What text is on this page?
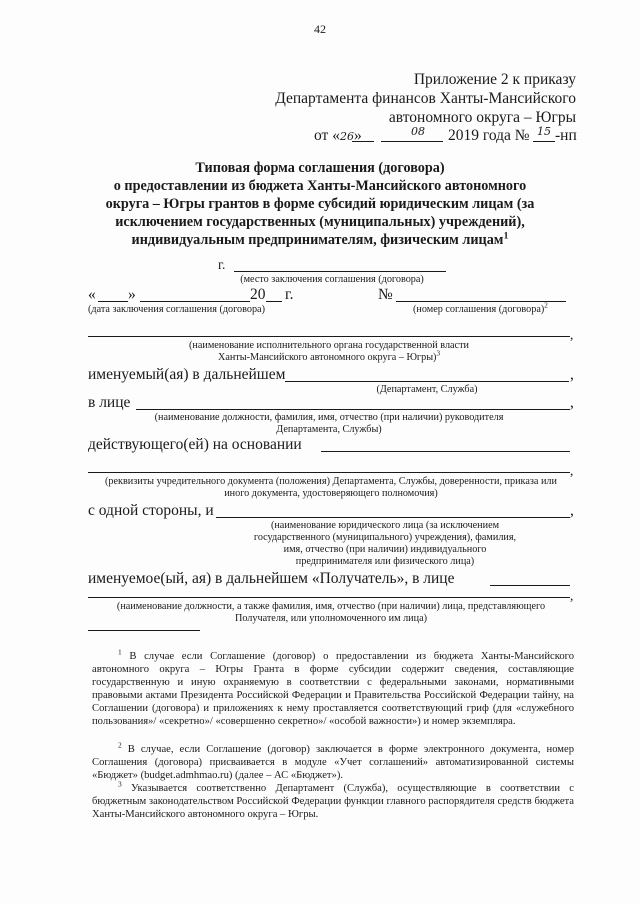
42
Приложение 2 к приказу
Департамента финансов Ханты-Мансийского
автономного округа – Югры
от «26»	08 2019 года № 15 -нп
Типовая форма соглашения (договора)
о предоставлении из бюджета Ханты-Мансийского автономного
округа – Югры грантов в форме субсидий юридическим лицам (за
исключением государственных (муниципальных) учреждений),
индивидуальным предпринимателям, физическим лицам$^1$
г.
(место заключения соглашения (договора)
« »	20 г.	№
(дата заключения соглашения (договора)	(номер соглашения (договора)$^2$
,
(наименование исполнительного органа государственной власти
Ханты-Мансийского автономного округа – Югры)$^3$
именуемый(ая) в дальнейшем	,
(Департамент, Служба)
в лице	,
(наименование должности, фамилия, имя, отчество (при наличии) руководителя
Департамента, Службы)
действующего(ей) на основании
,
(реквизиты учредительного документа (положения) Департамента, Службы, доверенности, приказа или
иного документа, удостоверяющего полномочия)
с одной стороны, и	,
(наименование юридического лица (за исключением
государственного (муниципального) учреждения), фамилия,
имя, отчество (при наличии) индивидуального
предпринимателя или физического лица)
именуемое(ый, ая) в дальнейшем «Получатель», в лице
,
(наименование должности, а также фамилия, имя, отчество (при наличии) лица, представляющего
Получателя, или уполномоченного им лица)
$^1$ В случае если Соглашение (договор) о предоставлении из бюджета Ханты-Мансийского автономного округа – Югры Гранта в форме субсидии содержит сведения, составляющие государственную и иную охраняемую в соответствии с федеральными законами, нормативными правовыми актами Президента Российской Федерации и Правительства Российской Федерации тайну, на Соглашении (договора) и приложениях к нему проставляется соответствующий гриф (для «служебного пользования»/ «секретно»/ «совершенно секретно»/ «особой важности») и номер экземпляра.
$^2$ В случае, если Соглашение (договор) заключается в форме электронного документа, номер Соглашения (договора) присваивается в модуле «Учет соглашений» автоматизированной системы «Бюджет» (budget.admhmao.ru) (далее – АС «Бюджет»).
$^3$ Указывается соответственно Департамент (Служба), осуществляющие в соответствии с бюджетным законодательством Российской Федерации функции главного распорядителя средств бюджета Ханты-Мансийского автономного округа – Югры.
